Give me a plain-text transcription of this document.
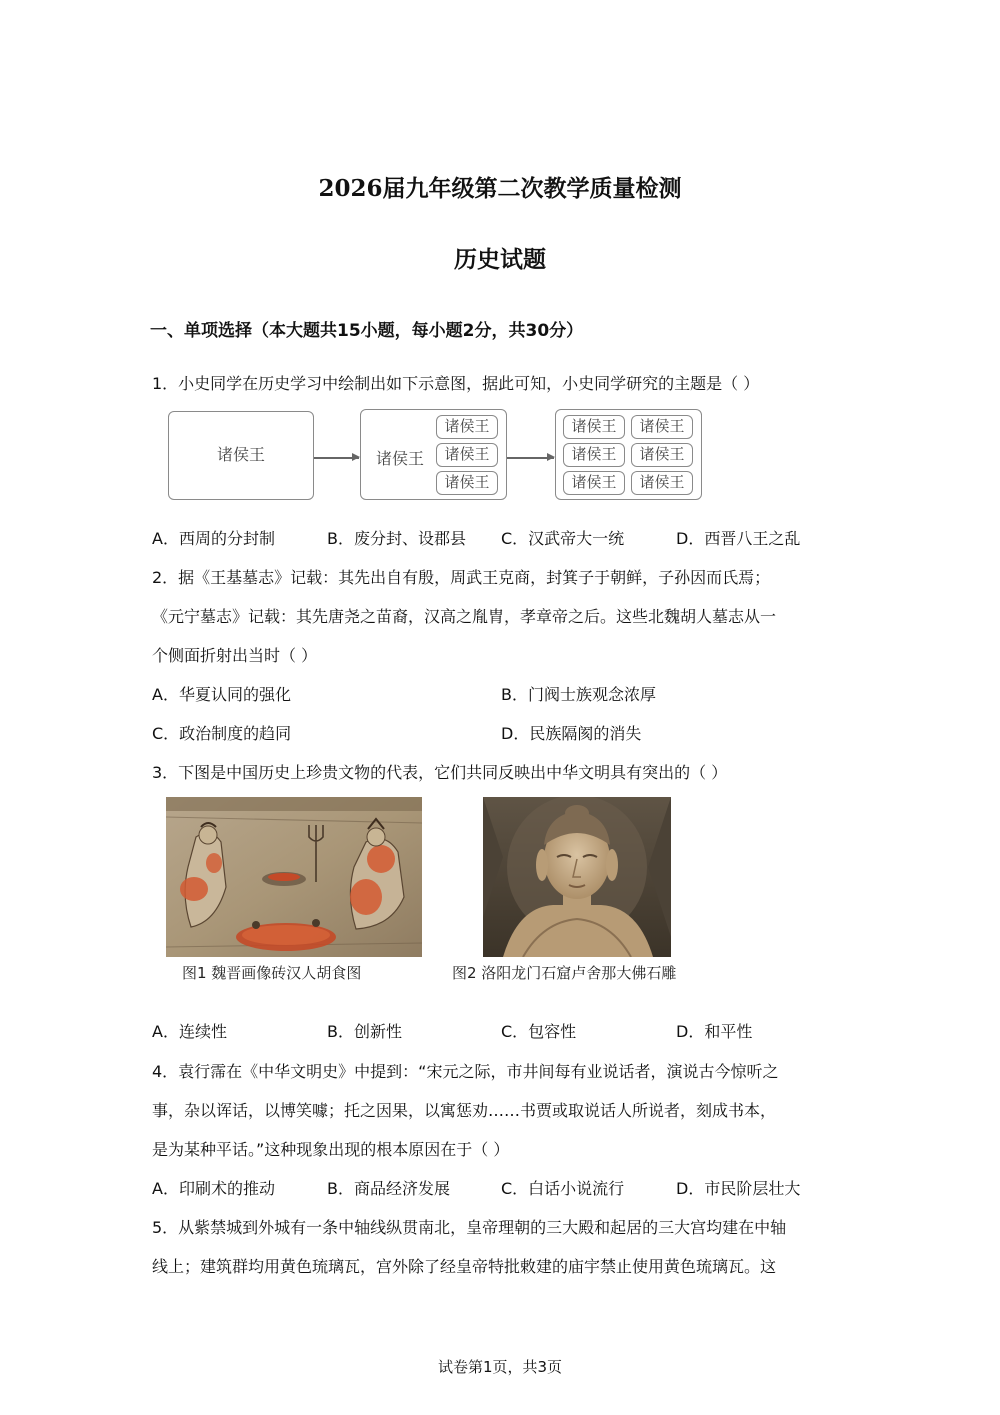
2026届九年级第二次教学质量检测
历史试题
一、单项选择（本大题共15小题，每小题2分，共30分）
1．小史同学在历史学习中绘制出如下示意图，据此可知，小史同学研究的主题是（ ）
诸侯王	诸侯王
诸侯王
诸侯王
诸侯王
诸侯王	诸侯王
诸侯王	诸侯王
诸侯王	诸侯王
A．西周的分封制	B．废分封、设郡县 C．汉武帝大一统	D．西晋八王之乱
2．据《王基墓志》记载：其先出自有殷，周武王克商，封箕子于朝鲜，子孙因而氏焉；
《元宁墓志》记载：其先唐尧之苗裔，汉高之胤胄，孝章帝之后。这些北魏胡人墓志从一
个侧面折射出当时（ ）
A．华夏认同的强化	B．门阀士族观念浓厚
C．政治制度的趋同	D．民族隔阂的消失
3．下图是中国历史上珍贵文物的代表，它们共同反映出中华文明具有突出的（ ）
图1 魏晋画像砖汉人胡食图	图2 洛阳龙门石窟卢舍那大佛石雕
A．连续性	B．创新性	C．包容性	D．和平性
4．袁行霈在《中华文明史》中提到：“宋元之际，市井间每有业说话者，演说古今惊听之
事，杂以诨话，以博笑噱；托之因果，以寓惩劝……书贾或取说话人所说者，刻成书本，
是为某种平话。”这种现象出现的根本原因在于（ ）
A．印刷术的推动	B．商品经济发展	C．白话小说流行	D．市民阶层壮大
5．从紫禁城到外城有一条中轴线纵贯南北，皇帝理朝的三大殿和起居的三大宫均建在中轴
线上；建筑群均用黄色琉璃瓦，宫外除了经皇帝特批敕建的庙宇禁止使用黄色琉璃瓦。这
试卷第1页，共3页
